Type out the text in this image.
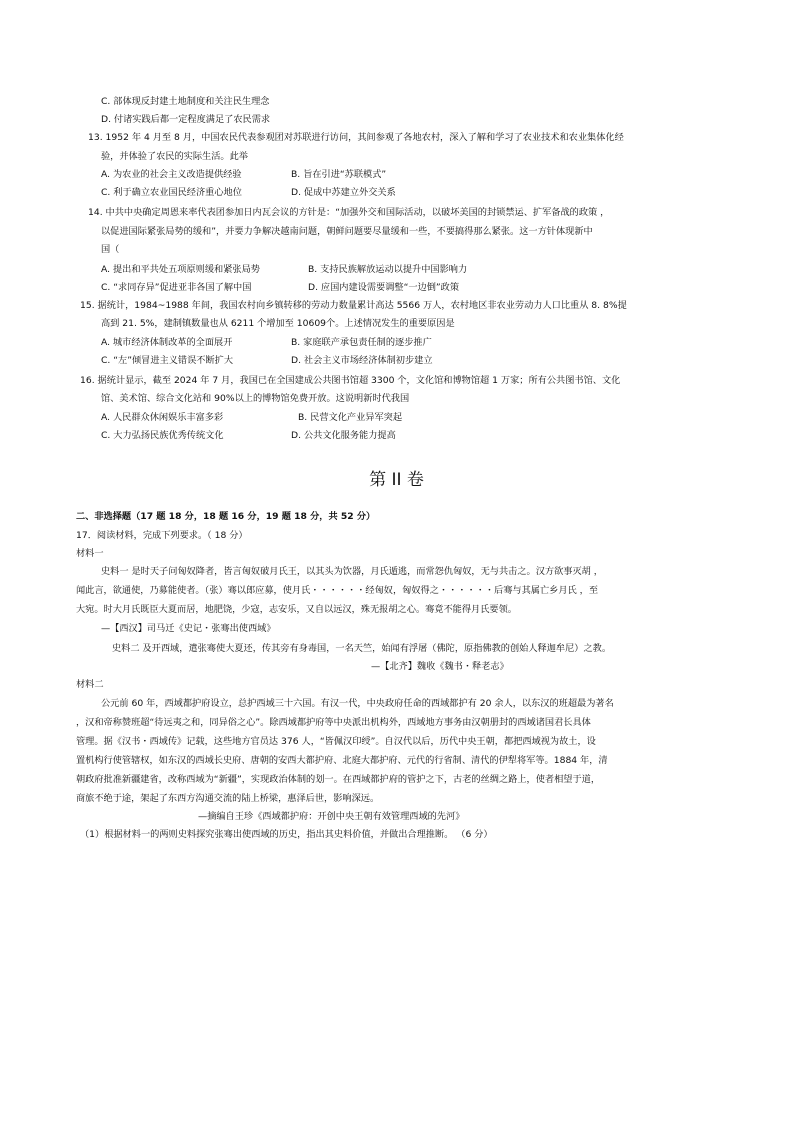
C. 部体现反封建土地制度和关注民生理念
D. 付诸实践后都一定程度满足了农民需求
13. 1952 年 4 月至 8 月，中国农民代表参观团对苏联进行访问，其间参观了各地农村，深入了解和学习了农业技术和农业集体化经
验，并体验了农民的实际生活。此举
A. 为农业的社会主义改造提供经验	B. 旨在引进“苏联模式”
C. 利于确立农业国民经济重心地位	D. 促成中苏建立外交关系
14. 中共中央确定周恩来率代表团参加日内瓦会议的方针是：“加强外交和国际活动，以破坏美国的封锁禁运、扩军备战的政策 ，
以促进国际紧张局势的缓和”，并要力争解决越南问题，朝鲜问题要尽量缓和一些，不要搞得那么紧张。这一方针体现新中
国（
A. 提出和平共处五项原则缓和紧张局势	B. 支持民族解放运动以提升中国影响力
C. “求同存异”促进亚非各国了解中国	D. 应国内建设需要调整“一边倒”政策
15. 据统计，1984~1988 年间，我国农村向乡镇转移的劳动力数量累计高达 5566 万人，农村地区非农业劳动力人口比重从 8. 8%提
高到 21. 5%，建制镇数量也从 6211 个增加至 10609个。上述情况发生的重要原因是
A. 城市经济体制改革的全面展开	B. 家庭联产承包责任制的逐步推广
C. “左”倾冒进主义错误不断扩大	D. 社会主义市场经济体制初步建立
16. 据统计显示，截至 2024 年 7 月，我国已在全国建成公共图书馆超 3300 个，文化馆和博物馆超 1 万家；所有公共图书馆、文化
馆、美术馆、综合文化站和 90%以上的博物馆免费开放。这说明新时代我国
A. 人民群众休闲娱乐丰富多彩	B. 民营文化产业异军突起
C. 大力弘扬民族优秀传统文化	D. 公共文化服务能力提高
第 II 卷
二、非选择题（17 题 18 分，18 题 16 分，19 题 18 分，共 52 分）
17．阅读材料，完成下列要求。（ 18 分）
材料一
史料一 是时天子问匈奴降者，皆言匈奴破月氏王，以其头为饮器，月氏遁逃，而常怨仇匈奴，无与共击之。汉方欲事灭胡 ，
闻此言，欲通使，乃募能使者。（张）骞以郎应募，使月氏・・・・・・经匈奴，匈奴得之・・・・・・后骞与其属亡乡月氏 ，至
大宛。时大月氏既臣大夏而居，地肥饶，少寇，志安乐，又自以远汉，殊无报胡之心。骞竟不能得月氏要领。
—【西汉】司马迁《史记・张骞出使西域》
史料二 及开西域，遣张骞使大夏还，传其旁有身毒国，一名天竺，始闻有浮屠（佛陀，原指佛教的创始人释迦牟尼）之教。
—【北齐】魏收《魏书・释老志》
材料二
公元前 60 年，西域都护府设立，总护西域三十六国。有汉一代，中央政府任命的西域都护有 20 余人，以东汉的班超最为著名
，汉和帝称赞班超“待远夷之和，同异俗之心”。除西域都护府等中央派出机构外，西域地方事务由汉朝册封的西域诸国君长具体
管理。据《汉书・西域传》记载，这些地方官员达 376 人，“皆佩汉印绶”。自汉代以后，历代中央王朝，都把西域视为故土，设
置机构行使管辖权，如东汉的西域长史府、唐朝的安西大都护府、北庭大都护府、元代的行省制、清代的伊犁将军等。1884 年，清
朝政府批准新疆建省，改称西域为“新疆”，实现政治体制的划一。在西域都护府的管护之下，古老的丝绸之路上，使者相望于道，
商旅不绝于途，架起了东西方沟通交流的陆上桥梁，惠泽后世，影响深远。
—摘编自王珍《西域都护府：开创中央王朝有效管理西域的先河》
（1）根据材料一的两则史料探究张骞出使西域的历史，指出其史料价值，并做出合理推断。 （6 分）
